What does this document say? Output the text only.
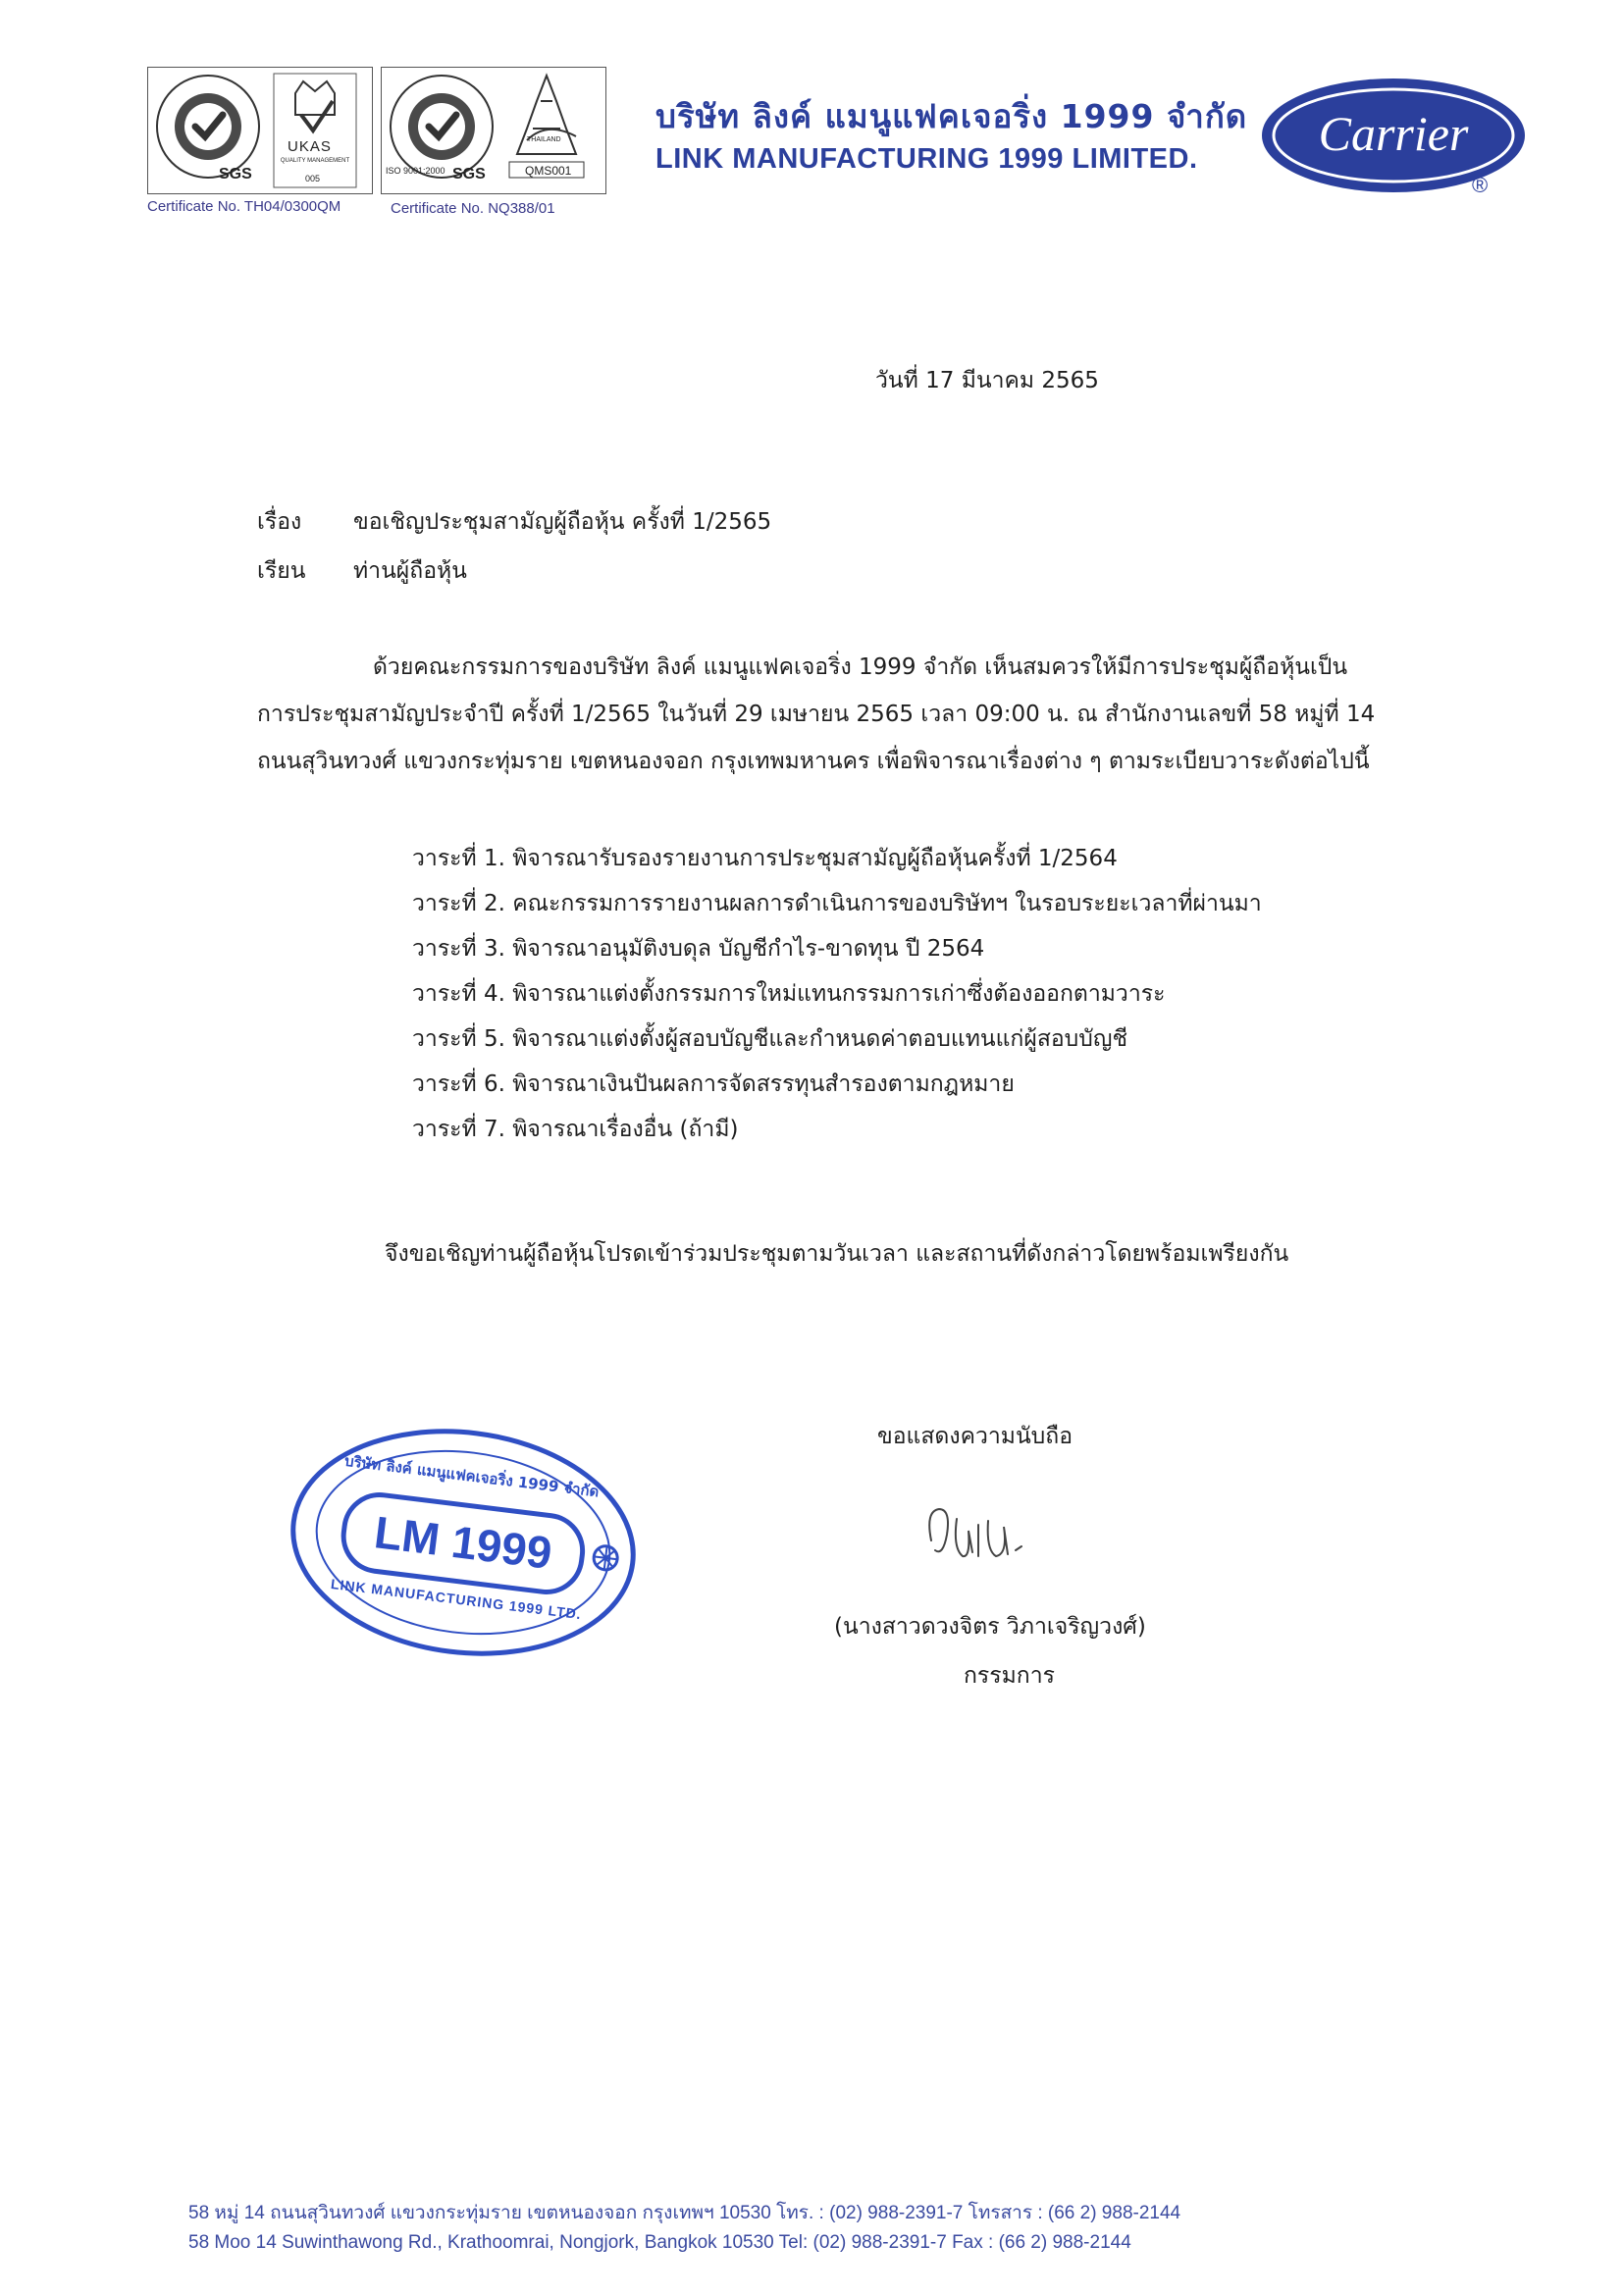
SGS
UKAS
QUALITY MANAGEMENT
005
Certificate No. TH04/0300QM
ISO 9001:2000 SGS
THAILAND
QMS001
Certificate No. NQ388/01
บริษัท ลิงค์ แมนูแฟคเจอริ่ง 1999 จำกัด
LINK MANUFACTURING 1999 LIMITED.	Carrier
®
วันที่ 17 มีนาคม 2565
เรื่อง ขอเชิญประชุมสามัญผู้ถือหุ้น ครั้งที่ 1/2565
เรียน ท่านผู้ถือหุ้น
ด้วยคณะกรรมการของบริษัท ลิงค์ แมนูแฟคเจอริ่ง 1999 จำกัด เห็นสมควรให้มีการประชุมผู้ถือหุ้นเป็น
การประชุมสามัญประจำปี ครั้งที่ 1/2565 ในวันที่ 29 เมษายน 2565 เวลา 09:00 น. ณ สำนักงานเลขที่ 58 หมู่ที่ 14
ถนนสุวินทวงศ์ แขวงกระทุ่มราย เขตหนองจอก กรุงเทพมหานคร เพื่อพิจารณาเรื่องต่าง ๆ ตามระเบียบวาระดังต่อไปนี้
วาระที่ 1. พิจารณารับรองรายงานการประชุมสามัญผู้ถือหุ้นครั้งที่ 1/2564
วาระที่ 2. คณะกรรมการรายงานผลการดำเนินการของบริษัทฯ ในรอบระยะเวลาที่ผ่านมา
วาระที่ 3. พิจารณาอนุมัติงบดุล บัญชีกำไร-ขาดทุน ปี 2564
วาระที่ 4. พิจารณาแต่งตั้งกรรมการใหม่แทนกรรมการเก่าซึ่งต้องออกตามวาระ
วาระที่ 5. พิจารณาแต่งตั้งผู้สอบบัญชีและกำหนดค่าตอบแทนแก่ผู้สอบบัญชี
วาระที่ 6. พิจารณาเงินปันผลการจัดสรรทุนสำรองตามกฎหมาย
วาระที่ 7. พิจารณาเรื่องอื่น (ถ้ามี)
จึงขอเชิญท่านผู้ถือหุ้นโปรดเข้าร่วมประชุมตามวันเวลา และสถานที่ดังกล่าวโดยพร้อมเพรียงกัน
ขอแสดงความนับถือ
(นางสาวดวงจิตร วิภาเจริญวงศ์)
กรรมการ
LM 1999
บริษัท ลิงค์ แมนูแฟคเจอริ่ง 1999 จำกัด
LINK MANUFACTURING 1999 LTD.
58 หมู่ 14 ถนนสุวินทวงศ์ แขวงกระทุ่มราย เขตหนองจอก กรุงเทพฯ 10530 โทร. : (02) 988-2391-7 โทรสาร : (66 2) 988-2144
58 Moo 14 Suwinthawong Rd., Krathoomrai, Nongjork, Bangkok 10530 Tel: (02) 988-2391-7 Fax : (66 2) 988-2144
